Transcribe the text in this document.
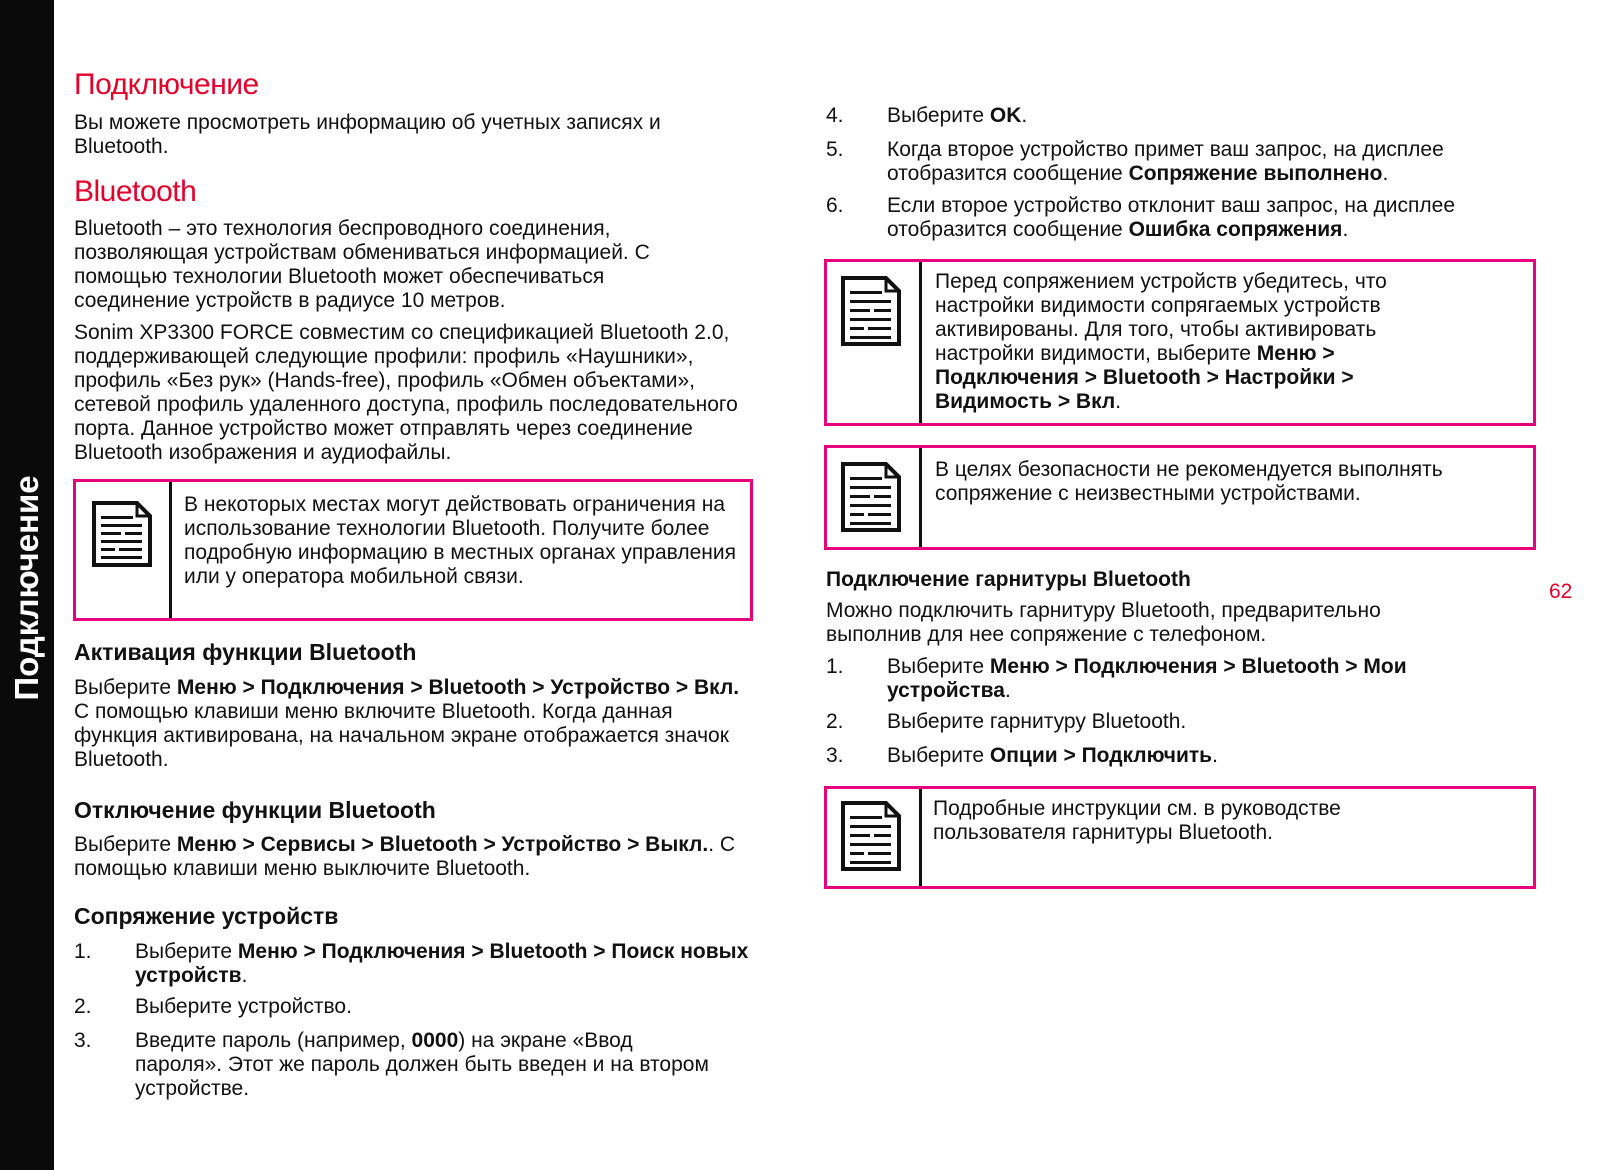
Подключение
Подключение
Вы можете просмотреть информацию об учетных записях и Bluetooth.
Bluetooth
Bluetooth – это технология беспроводного соединения, позволяющая устройствам обмениваться информацией. С помощью технологии Bluetooth может обеспечиваться соединение устройств в радиусе 10 метров.
Sonim XP3300 FORCE совместим со спецификацией Bluetooth 2.0, поддерживающей следующие профили: профиль «Наушники», профиль «Без рук» (Hands-free), профиль «Обмен объектами», сетевой профиль удаленного доступа, профиль последовательного порта. Данное устройство может отправлять через соединение Bluetooth изображения и аудиофайлы.
В некоторых местах могут действовать ограничения на использование технологии Bluetooth. Получите более подробную информацию в местных органах управления или у оператора мобильной связи.
Активация функции Bluetooth
Выберите Меню > Подключения > Bluetooth > Устройство > Вкл. С помощью клавиши меню включите Bluetooth. Когда данная функция активирована, на начальном экране отображается значок Bluetooth.
Отключение функции Bluetooth
Выберите Меню > Сервисы > Bluetooth > Устройство > Выкл.. С помощью клавиши меню выключите Bluetooth.
Сопряжение устройств
1. Выберите Меню > Подключения > Bluetooth > Поиск новых устройств.
2. Выберите устройство.
3. Введите пароль (например, 0000) на экране «Ввод пароля». Этот же пароль должен быть введен и на втором устройстве.
4. Выберите OK.
5. Когда второе устройство примет ваш запрос, на дисплее отобразится сообщение Сопряжение выполнено.
6. Если второе устройство отклонит ваш запрос, на дисплее отобразится сообщение Ошибка сопряжения.
Перед сопряжением устройств убедитесь, что настройки видимости сопрягаемых устройств активированы. Для того, чтобы активировать настройки видимости, выберите Меню > Подключения > Bluetooth > Настройки > Видимость > Вкл.
В целях безопасности не рекомендуется выполнять сопряжение с неизвестными устройствами.
Подключение гарнитуры Bluetooth
Можно подключить гарнитуру Bluetooth, предварительно выполнив для нее сопряжение с телефоном.
1. Выберите Меню > Подключения > Bluetooth > Мои устройства.
2. Выберите гарнитуру Bluetooth.
3. Выберите Опции > Подключить.
Подробные инструкции см. в руководстве пользователя гарнитуры Bluetooth.
62
